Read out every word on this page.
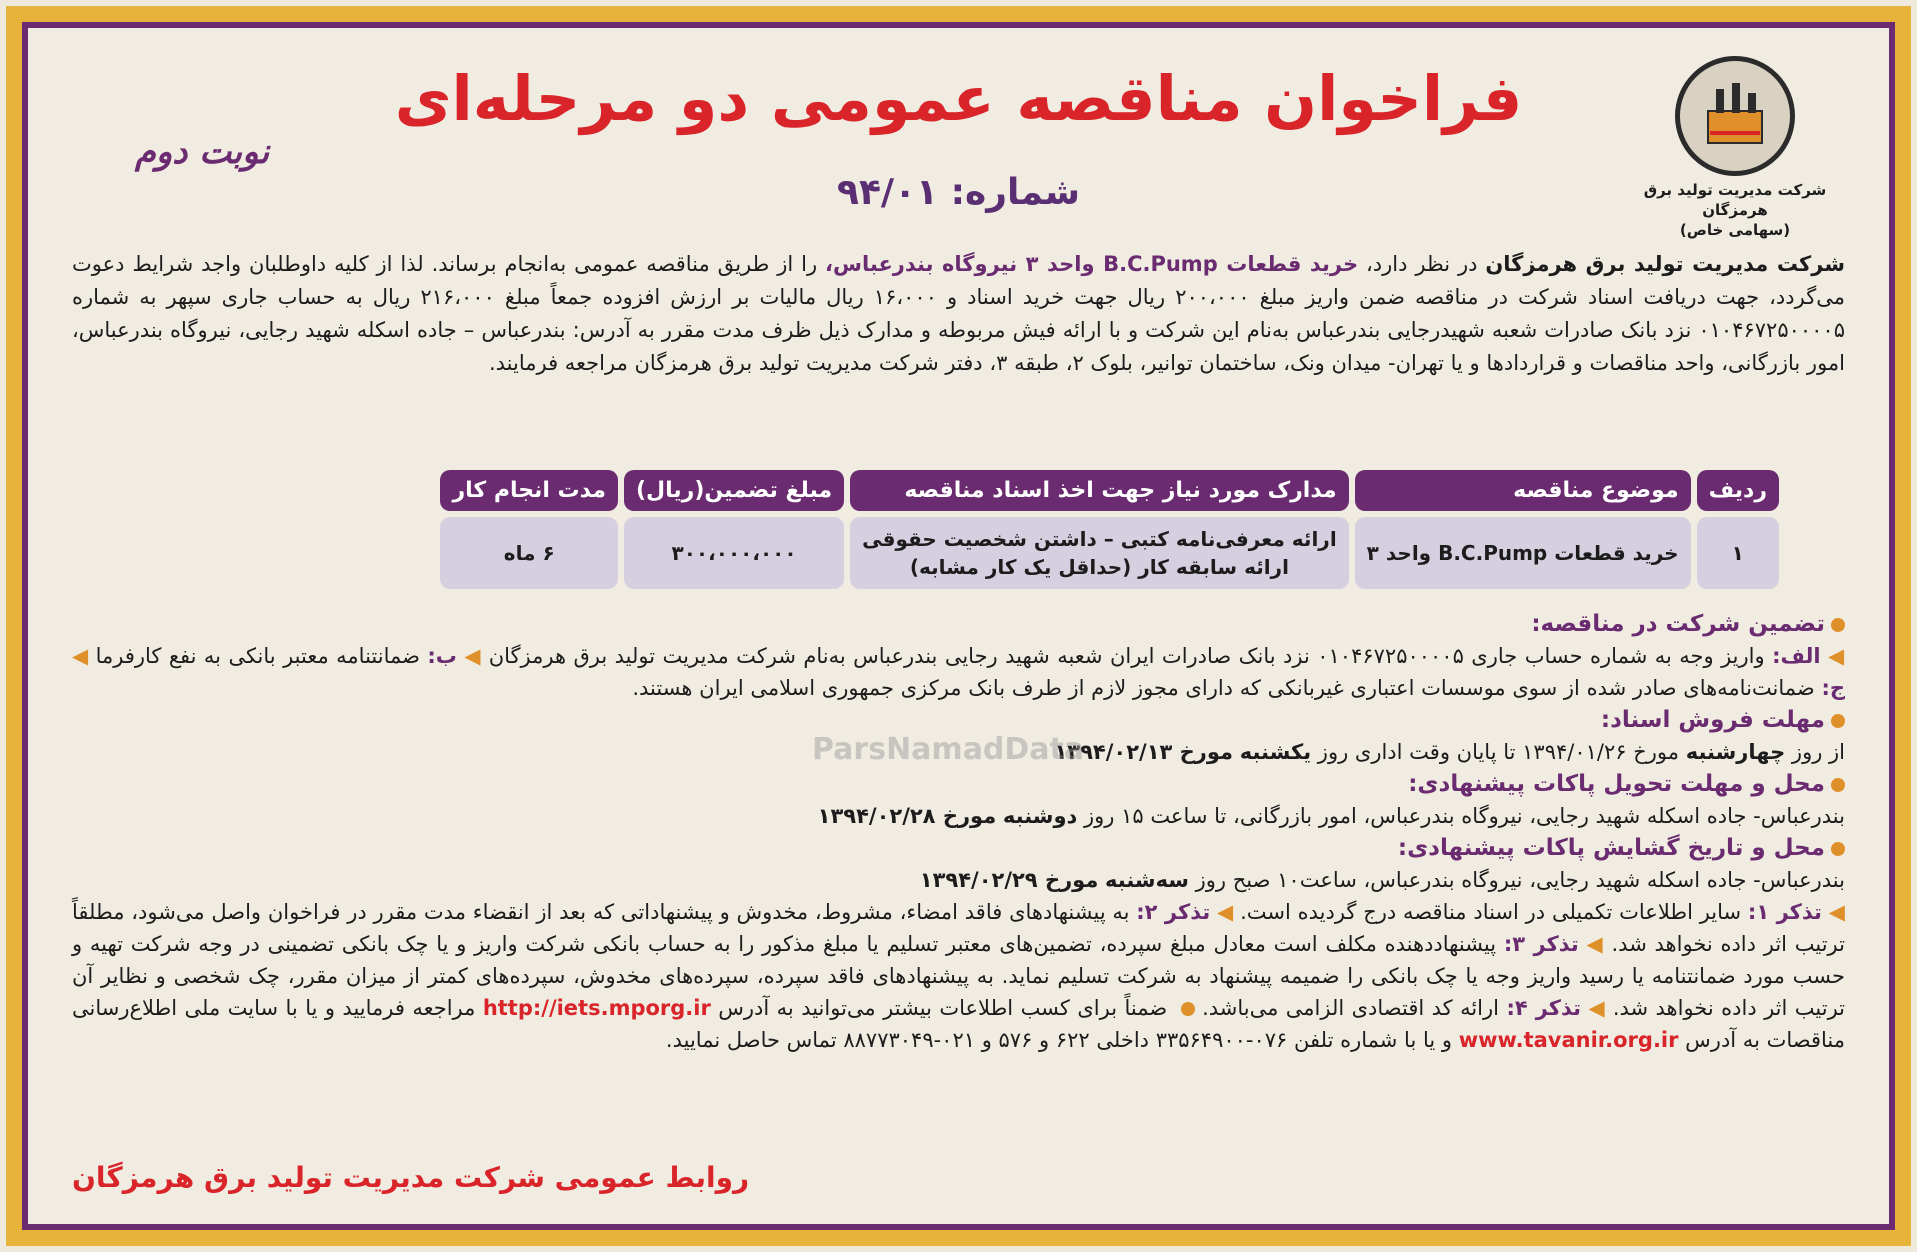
شرکت مدیریت تولید برق هرمزگان
(سهامی خاص)
فراخوان مناقصه عمومی دو مرحله‌ای
شماره: ۹۴/۰۱
نوبت دوم
شرکت مدیریت تولید برق هرمزگان در نظر دارد، خرید قطعات B.C.Pump واحد ۳ نیروگاه بندرعباس، را از طریق مناقصه عمومی به‌انجام برساند. لذا از کلیه داوطلبان واجد شرایط دعوت می‌گردد، جهت دریافت اسناد شرکت در مناقصه ضمن واریز مبلغ ۲۰۰،۰۰۰ ریال جهت خرید اسناد و ۱۶،۰۰۰ ریال مالیات بر ارزش افزوده جمعاً مبلغ ۲۱۶،۰۰۰ ریال به حساب جاری سپهر به شماره ۰۱۰۴۶۷۲۵۰۰۰۰۵ نزد بانک صادرات شعبه شهیدرجایی بندرعباس به‌نام این شرکت و با ارائه فیش مربوطه و مدارک ذیل ظرف مدت مقرر به آدرس: بندرعباس – جاده اسکله شهید رجایی، نیروگاه بندرعباس، امور بازرگانی، واحد مناقصات و قراردادها و یا تهران- میدان ونک، ساختمان توانیر، بلوک ۲، طبقه ۳، دفتر شرکت مدیریت تولید برق هرمزگان مراجعه فرمایند.
ردیف	موضوع مناقصه	مدارک مورد نیاز جهت اخذ اسناد مناقصه	مبلغ تضمین(ریال)	مدت انجام کار
۱	خرید قطعات B.C.Pump واحد ۳	ارائه معرفی‌نامه کتبی – داشتن شخصیت حقوقی
ارائه سابقه کار (حداقل یک کار مشابه)	۳۰۰،۰۰۰،۰۰۰	۶ ماه
تضمین شرکت در مناقصه:
◀ الف: واریز وجه به شماره حساب جاری ۰۱۰۴۶۷۲۵۰۰۰۰۵ نزد بانک صادرات ایران شعبه شهید رجایی بندرعباس به‌نام شرکت مدیریت تولید برق هرمزگان ◀ ب: ضمانتنامه معتبر بانکی به نفع کارفرما ◀ ج: ضمانت‌نامه‌های صادر شده از سوی موسسات اعتباری غیربانکی که دارای مجوز لازم از طرف بانک مرکزی جمهوری اسلامی ایران هستند.
مهلت فروش اسناد:
از روز چهارشنبه مورخ ۱۳۹۴/۰۱/۲۶ تا پایان وقت اداری روز یکشنبه مورخ ۱۳۹۴/۰۲/۱۳
محل و مهلت تحویل پاکات پیشنهادی:
بندرعباس- جاده اسکله شهید رجایی، نیروگاه بندرعباس، امور بازرگانی، تا ساعت ۱۵ روز دوشنبه مورخ ۱۳۹۴/۰۲/۲۸
محل و تاریخ گشایش پاکات پیشنهادی:
بندرعباس- جاده اسکله شهید رجایی، نیروگاه بندرعباس، ساعت۱۰ صبح روز سه‌شنبه مورخ ۱۳۹۴/۰۲/۲۹
◀ تذکر ۱: سایر اطلاعات تکمیلی در اسناد مناقصه درج گردیده است. ◀ تذکر ۲: به پیشنهادهای فاقد امضاء، مشروط، مخدوش و پیشنهاداتی که بعد از انقضاء مدت مقرر در فراخوان واصل می‌شود، مطلقاً ترتیب اثر داده نخواهد شد. ◀ تذکر ۳: پیشنهاددهنده مکلف است معادل مبلغ سپرده، تضمین‌های معتبر تسلیم یا مبلغ مذکور را به حساب بانکی شرکت واریز و یا چک بانکی تضمینی در وجه شرکت تهیه و حسب مورد ضمانتنامه یا رسید واریز وجه یا چک بانکی را ضمیمه پیشنهاد به شرکت تسلیم نماید. به پیشنهادهای فاقد سپرده، سپرده‌های مخدوش، سپرده‌های کمتر از میزان مقرر، چک شخصی و نظایر آن ترتیب اثر داده نخواهد شد. ◀ تذکر ۴: ارائه کد اقتصادی الزامی می‌باشد.  ضمناً برای کسب اطلاعات بیشتر می‌توانید به آدرس http://iets.mporg.ir مراجعه فرمایید و یا با سایت ملی اطلاع‌رسانی مناقصات به آدرس www.tavanir.org.ir و یا با شماره تلفن ۰۷۶-۳۳۵۶۴۹۰۰ داخلی ۶۲۲ و ۵۷۶ و ۰۲۱-۸۸۷۷۳۰۴۹ تماس حاصل نمایید.
ParsNamadData
روابط عمومی شرکت مدیریت تولید برق هرمزگان
